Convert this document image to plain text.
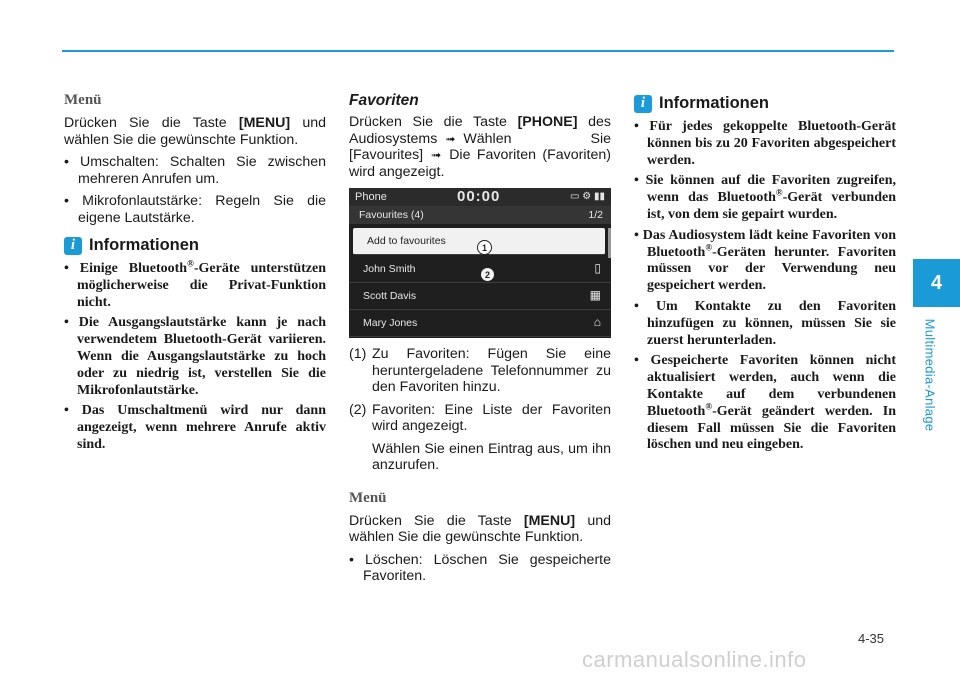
Menü

Drücken Sie die Taste [MENU] und wählen Sie die gewünschte Funktion.

• Umschalten: Schalten Sie zwischen mehreren Anrufen um.
• Mikrofonlautstärke: Regeln Sie die eigene Lautstärke.
i Informationen
• Einige Bluetooth®-Geräte unterstützen möglicherweise die Privat-Funktion nicht.
• Die Ausgangslautstärke kann je nach verwendetem Bluetooth-Gerät variieren. Wenn die Ausgangslautstärke zu hoch oder zu niedrig ist, verstellen Sie die Mikrofonlautstärke.
• Das Umschaltmenü wird nur dann angezeigt, wenn mehrere Anrufe aktiv sind.

Favoriten

Drücken Sie die Taste [PHONE] des Audiosystems ➟ Wählen Sie [Favourites] ➟ Die Favoriten (Favoriten) wird angezeigt.

Phone	00:00	▭ ⚙ ▮▮
Favourites (4)	1/2
Add to favourites
John Smith	▯
Scott Davis	▦
Mary Jones	⌂
1
2
(1) Zu Favoriten: Fügen Sie eine heruntergeladene Telefonnummer zu den Favoriten hinzu.
(2) Favoriten: Eine Liste der Favoriten wird angezeigt.
Wählen Sie einen Eintrag aus, um ihn anzurufen.

Menü

Drücken Sie die Taste [MENU] und wählen Sie die gewünschte Funktion.

• Löschen: Löschen Sie gespeicherte Favoriten.
i Informationen
• Für jedes gekoppelte Bluetooth-Gerät können bis zu 20 Favoriten abgespeichert werden.
• Sie können auf die Favoriten zugreifen, wenn das Bluetooth®-Gerät verbunden ist, von dem sie gepairt wurden.
• Das Audiosystem lädt keine Favoriten von Bluetooth®-Geräten herunter. Favoriten müssen vor der Verwendung neu gespeichert werden.
• Um Kontakte zu den Favoriten hinzufügen zu können, müssen Sie sie zuerst herunterladen.
• Gespeicherte Favoriten können nicht aktualisiert werden, auch wenn die Kontakte auf dem verbundenen Bluetooth®-Gerät geändert werden. In diesem Fall müssen Sie die Favoriten löschen und neu eingeben.
4
Multimedia-Anlage
4-35
carmanualsonline.info
